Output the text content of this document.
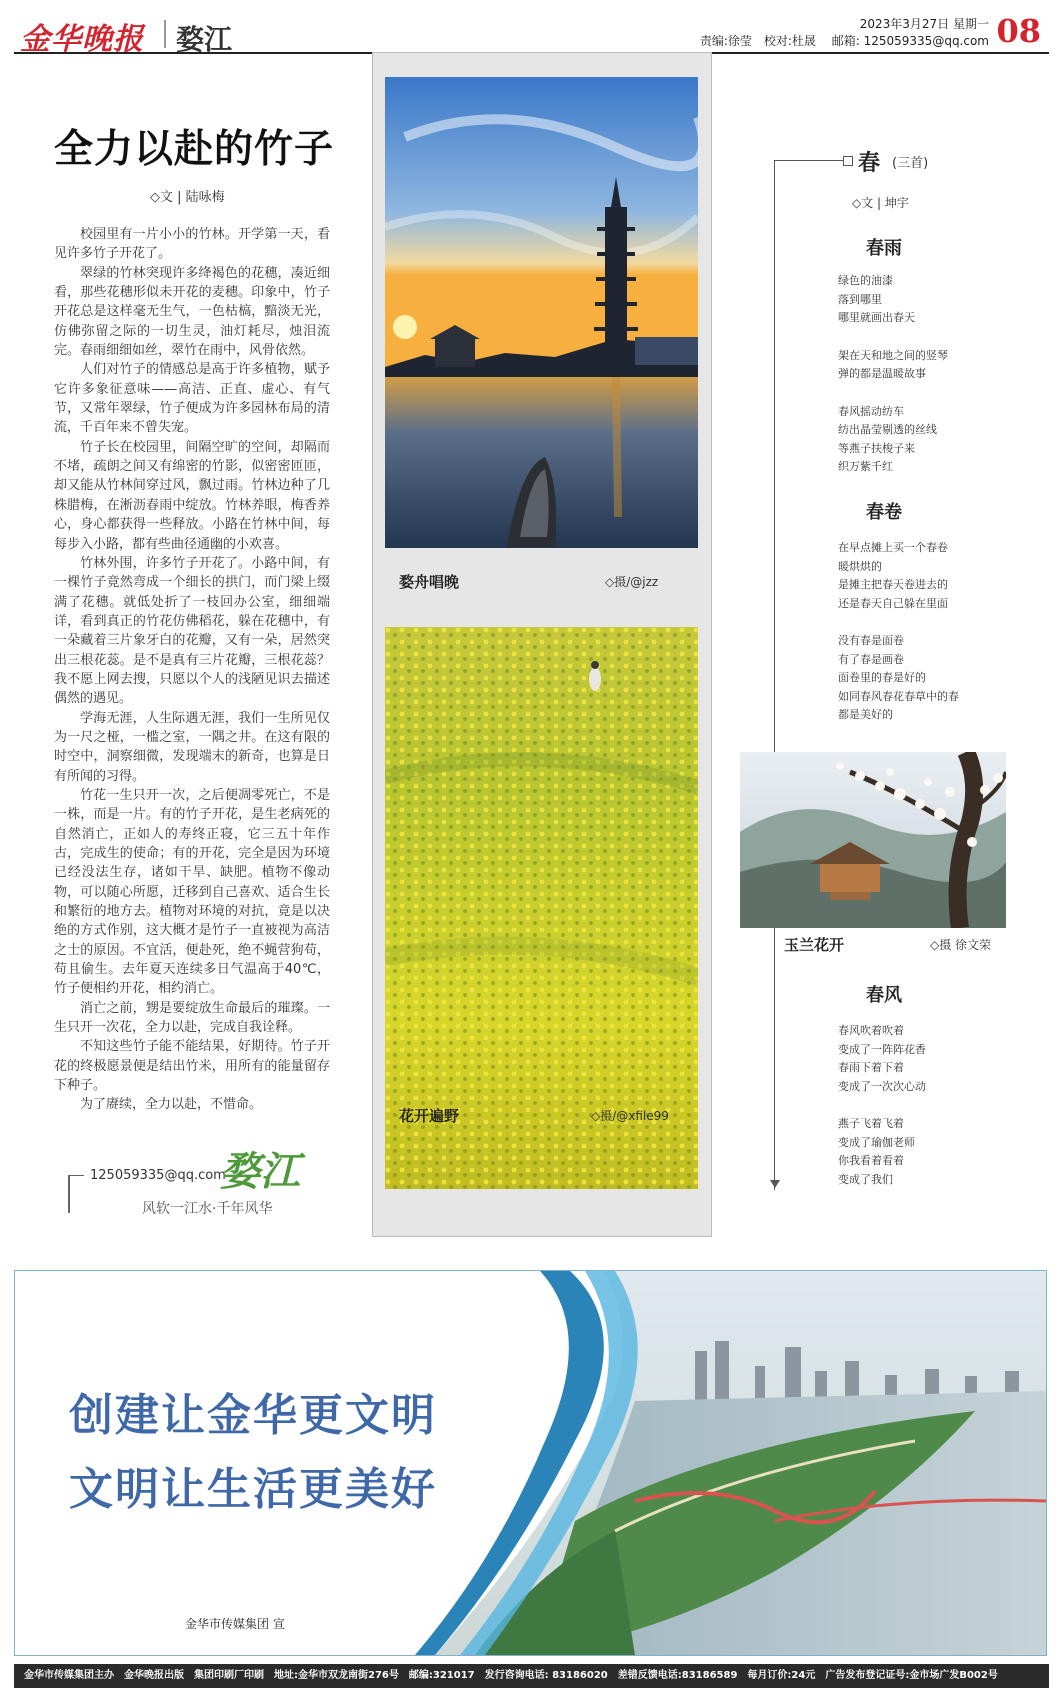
金华晚报 婺江	2023年3月27日 星期一
责编:徐莹　校对:杜晟　 邮箱: 125059335@qq.com 08
全力以赴的竹子
◇文 | 陆咏梅

校园里有一片小小的竹林。开学第一天，看见许多竹子开花了。

翠绿的竹林突现许多绛褐色的花穗，凑近细看，那些花穗形似未开花的麦穗。印象中，竹子开花总是这样毫无生气，一色枯槁，黯淡无光，仿佛弥留之际的一切生灵，油灯耗尽，烛泪流完。春雨细细如丝，翠竹在雨中，风骨依然。

人们对竹子的情感总是高于许多植物，赋予它许多象征意味——高洁、正直、虚心、有气节，又常年翠绿，竹子便成为许多园林布局的清流，千百年来不曾失宠。

竹子长在校园里，间隔空旷的空间，却隔而不堵，疏朗之间又有绵密的竹影，似密密匝匝，却又能从竹林间穿过风，飘过雨。竹林边种了几株腊梅，在淅沥春雨中绽放。竹林养眼，梅香养心，身心都获得一些释放。小路在竹林中间，每每步入小路，都有些曲径通幽的小欢喜。

竹林外围，许多竹子开花了。小路中间，有一棵竹子竟然弯成一个细长的拱门，而门梁上缀满了花穗。就低处折了一枝回办公室，细细端详，看到真正的竹花仿佛稻花，躲在花穗中，有一朵藏着三片象牙白的花瓣，又有一朵，居然突出三根花蕊。是不是真有三片花瓣，三根花蕊？我不愿上网去搜，只愿以个人的浅陋见识去描述偶然的遇见。

学海无涯，人生际遇无涯，我们一生所见仅为一尺之桠，一槛之室，一隅之井。在这有限的时空中，洞察细微，发现端末的新奇，也算是日有所闻的习得。

竹花一生只开一次，之后便凋零死亡，不是一株，而是一片。有的竹子开花，是生老病死的自然消亡，正如人的寿终正寝，它三五十年作古，完成生的使命；有的开花，完全是因为环境已经没法生存，诸如干旱、缺肥。植物不像动物，可以随心所愿，迁移到自己喜欢、适合生长和繁衍的地方去。植物对环境的对抗，竟是以决绝的方式作别，这大概才是竹子一直被视为高洁之士的原因。不宜活，便赴死，绝不蝇营狗苟，苟且偷生。去年夏天连续多日气温高于40℃，竹子便相约开花，相约消亡。

消亡之前，甥是要绽放生命最后的璀璨。一生只开一次花，全力以赴，完成自我诠释。

不知这些竹子能不能结果，好期待。竹子开花的终极愿景便是结出竹米，用所有的能量留存下种子。

为了赓续，全力以赴，不惜命。

125059335@qq.com
婺江
风软一江水·千年风华
婺舟唱晚	◇摄/@jzz
花开遍野	◇摄/@xfile99
春 (三首)
◇文 | 坤宇
春雨
绿色的油漆
落到哪里
哪里就画出春天
架在天和地之间的竖琴
弹的都是温暖故事
春风摇动纺车
纺出晶莹剔透的丝线
等燕子扶梭子来
织万紫千红
春卷
在早点摊上买一个春卷
暖烘烘的
是摊主把春天卷进去的
还是春天自己躲在里面
没有春是面卷
有了春是画卷
面卷里的春是好的
如同春风春花春草中的春
都是美好的
玉兰花开	◇摄 徐文荣
春风
春风吹着吹着
变成了一阵阵花香
春雨下着下着
变成了一次次心动
燕子飞着飞着
变成了瑜伽老师
你我看着看着
变成了我们
创建让金华更文明
文明让生活更美好
金华市传媒集团 宣
金华市传媒集团主办　金华晚报出版　集团印刷厂印刷　地址:金华市双龙南街276号　邮编:321017　发行咨询电话: 83186020　差错反馈电话:83186589　每月订价:24元　广告发布登记证号:金市场广发B002号
